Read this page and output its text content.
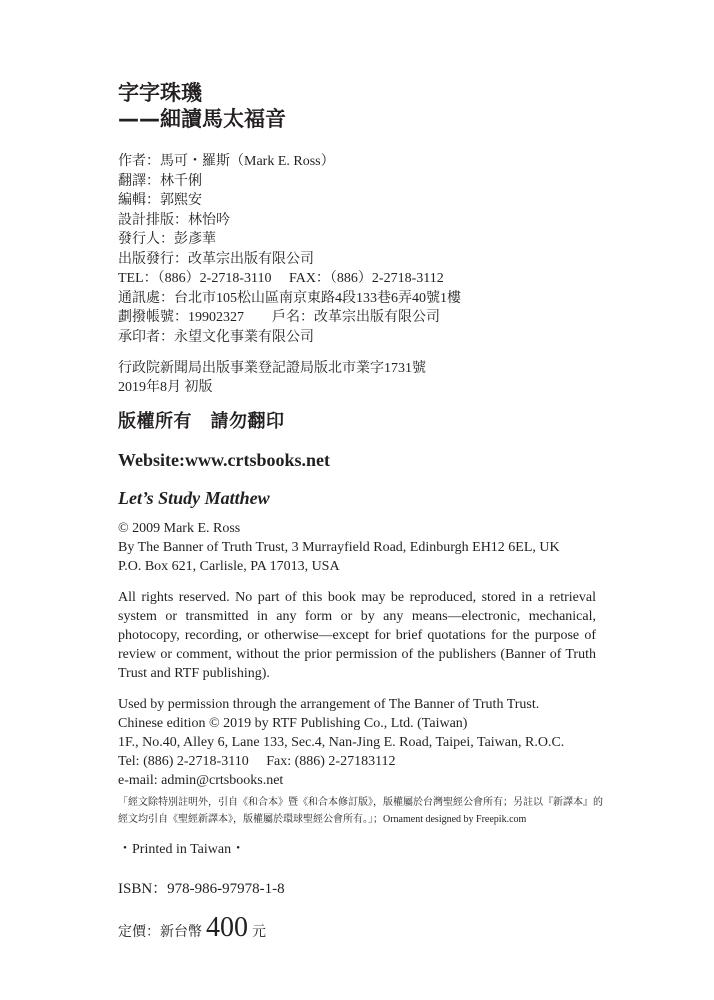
字字珠璣
——細讀馬太福音
作者：馬可・羅斯（Mark E. Ross）
翻譯：林千俐
編輯：郭熙安
設計排版：林怡吟
發行人：彭彥華
出版發行：改革宗出版有限公司
TEL：（886）2-2718-3110　 FAX：（886）2-2718-3112
通訊處：台北市105松山區南京東路4段133巷6弄40號1樓
劃撥帳號：19902327　　戶名：改革宗出版有限公司
承印者：永望文化事業有限公司
行政院新聞局出版事業登記證局版北市業字1731號
2019年8月 初版
版權所有　請勿翻印
Website:www.crtsbooks.net
Let’s Study Matthew
© 2009 Mark E. Ross
By The Banner of Truth Trust, 3 Murrayfield Road, Edinburgh EH12 6EL, UK
P.O. Box 621, Carlisle, PA 17013, USA
All rights reserved. No part of this book may be reproduced, stored in a retrieval system or transmitted in any form or by any means—electronic, mechanical, photocopy, recording, or otherwise—except for brief quotations for the purpose of review or comment, without the prior permission of the publishers (Banner of Truth Trust and RTF publishing).
Used by permission through the arrangement of The Banner of Truth Trust.
Chinese edition © 2019 by RTF Publishing Co., Ltd. (Taiwan)
1F., No.40, Alley 6, Lane 133, Sec.4, Nan-Jing E. Road, Taipei, Taiwan, R.O.C.
Tel: (886) 2-2718-3110　 Fax: (886) 2-27183112
e-mail: admin@crtsbooks.net
「經文除特別註明外，引自《和合本》暨《和合本修訂版》，版權屬於台灣聖經公會所有；另註以『新譯本』的經文均引自《聖經新譯本》，版權屬於環球聖經公會所有。」；Ornament designed by Freepik.com
・Printed in Taiwan・
ISBN：978-986-97978-1-8
定價：新台幣 400 元
